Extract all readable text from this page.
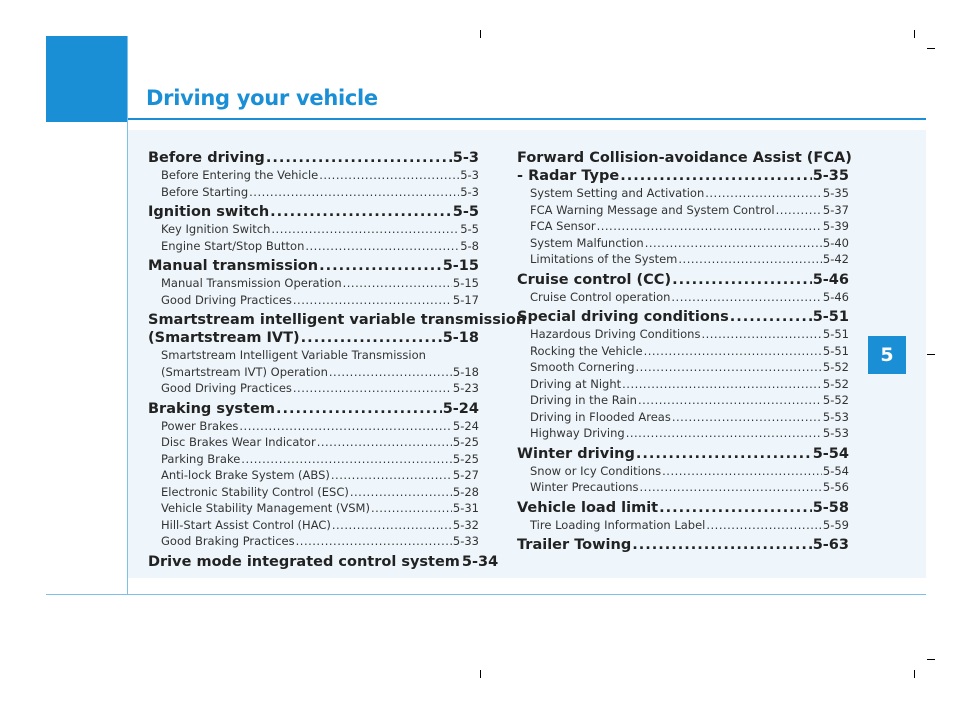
Driving your vehicle
Before driving .....	5-3
Before Entering the Vehicle .....	5-3
Before Starting .....	5-3
Ignition switch .....	5-5
Key Ignition Switch .....	5-5
Engine Start/Stop Button .....	5-8
Manual transmission .....	5-15
Manual Transmission Operation .....	5-15
Good Driving Practices .....	5-17
Smartstream intelligent variable transmission
(Smartstream IVT) .....	5-18
Smartstream Intelligent Variable Transmission
(Smartstream IVT) Operation .....	5-18
Good Driving Practices .....	5-23
Braking system .....	5-24
Power Brakes .....	5-24
Disc Brakes Wear Indicator .....	5-25
Parking Brake .....	5-25
Anti-lock Brake System (ABS) .....	5-27
Electronic Stability Control (ESC) .....	5-28
Vehicle Stability Management (VSM) .....	5-31
Hill-Start Assist Control (HAC) .....	5-32
Good Braking Practices .....	5-33
Drive mode integrated control system 5-34
Forward Collision-avoidance Assist (FCA)
- Radar Type .....	5-35
System Setting and Activation .....	5-35
FCA Warning Message and System Control .....	5-37
FCA Sensor .....	5-39
System Malfunction .....	5-40
Limitations of the System .....	5-42
Cruise control (CC) .....	5-46
Cruise Control operation .....	5-46
Special driving conditions .....	5-51
Hazardous Driving Conditions .....	5-51
Rocking the Vehicle .....	5-51
Smooth Cornering .....	5-52
Driving at Night .....	5-52
Driving in the Rain .....	5-52
Driving in Flooded Areas .....	5-53
Highway Driving .....	5-53
Winter driving .....	5-54
Snow or Icy Conditions .....	5-54
Winter Precautions .....	5-56
Vehicle load limit .....	5-58
Tire Loading Information Label .....	5-59
Trailer Towing .....	5-63
5
